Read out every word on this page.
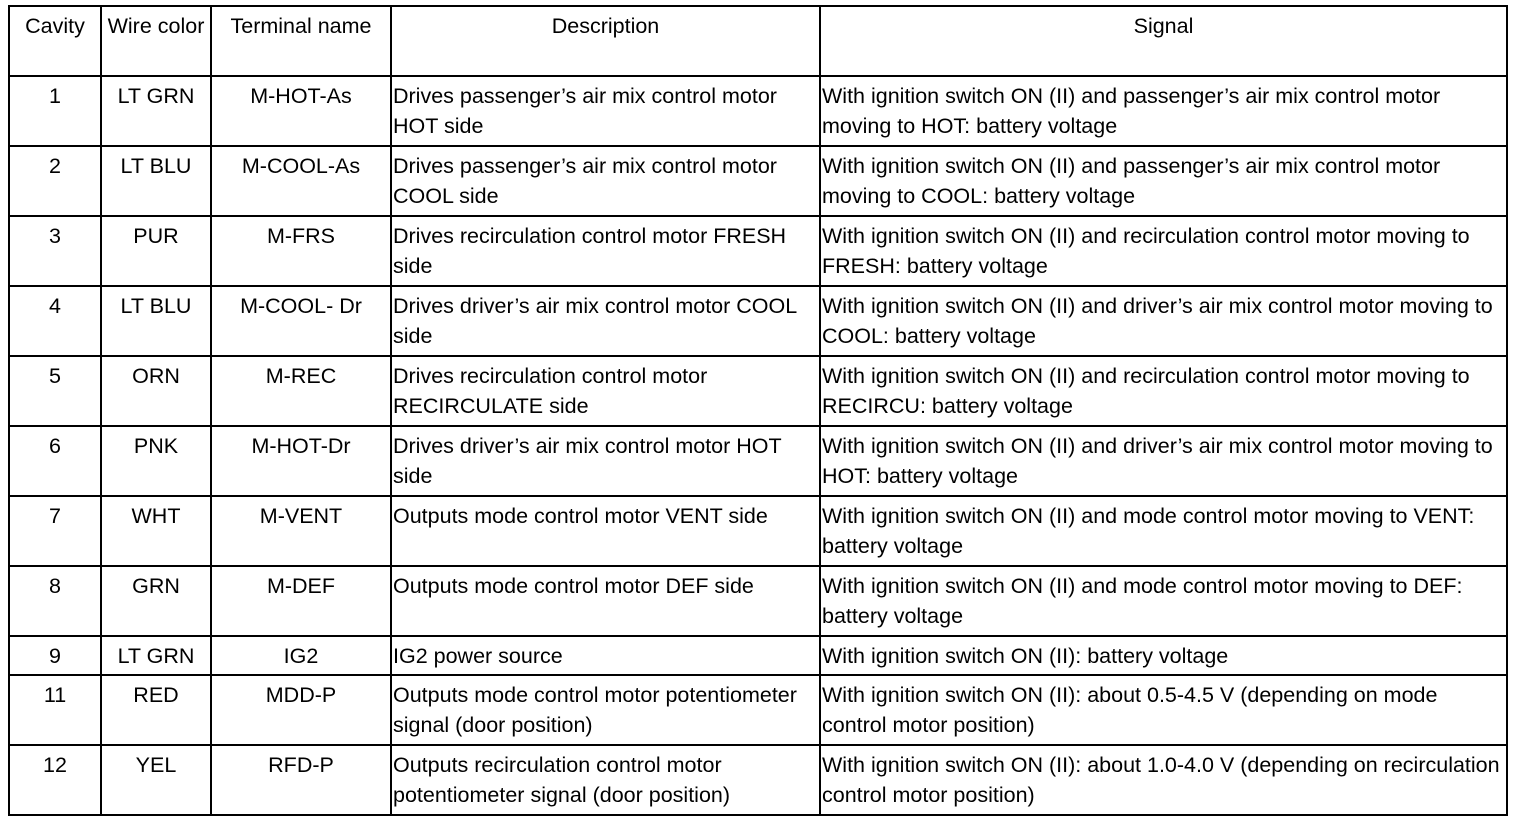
Cavity	Wire color	Terminal name	Description	Signal
1	LT GRN	M-HOT-As	Drives passenger’s air mix control motor HOT side	With ignition switch ON (II) and passenger’s air mix control motor moving to HOT: battery voltage
2	LT BLU	M-COOL-As	Drives passenger’s air mix control motor COOL side	With ignition switch ON (II) and passenger’s air mix control motor moving to COOL: battery voltage
3	PUR	M-FRS	Drives recirculation control motor FRESH side	With ignition switch ON (II) and recirculation control motor moving to FRESH: battery voltage
4	LT BLU	M-COOL- Dr	Drives driver’s air mix control motor COOL side	With ignition switch ON (II) and driver’s air mix control motor moving to COOL: battery voltage
5	ORN	M-REC	Drives recirculation control motor RECIRCULATE side	With ignition switch ON (II) and recirculation control motor moving to RECIRCU: battery voltage
6	PNK	M-HOT-Dr	Drives driver’s air mix control motor HOT side	With ignition switch ON (II) and driver’s air mix control motor moving to HOT: battery voltage
7	WHT	M-VENT	Outputs mode control motor VENT side	With ignition switch ON (II) and mode control motor moving to VENT: battery voltage
8	GRN	M-DEF	Outputs mode control motor DEF side	With ignition switch ON (II) and mode control motor moving to DEF: battery voltage
9	LT GRN	IG2	IG2 power source	With ignition switch ON (II): battery voltage
11	RED	MDD-P	Outputs mode control motor potentiometer signal (door position)	With ignition switch ON (II): about 0.5-4.5 V (depending on mode control motor position)
12	YEL	RFD-P	Outputs recirculation control motor potentiometer signal (door position)	With ignition switch ON (II): about 1.0-4.0 V (depending on recirculation control motor position)
